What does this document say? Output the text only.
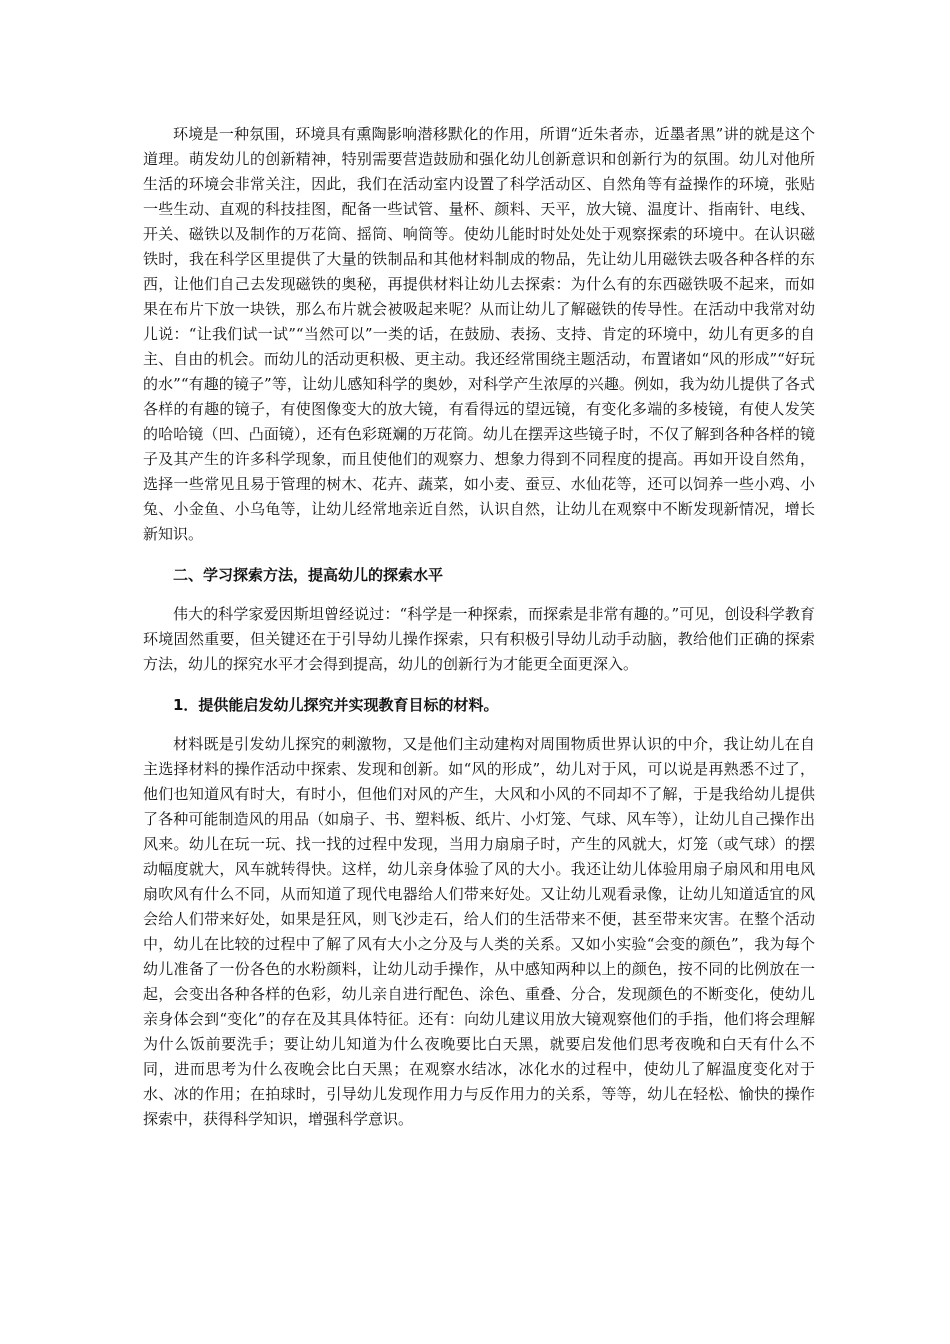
环境是一种氛围，环境具有熏陶影响潜移默化的作用，所谓“近朱者赤，近墨者黑”讲的就是这个道理。萌发幼儿的创新精神，特别需要营造鼓励和强化幼儿创新意识和创新行为的氛围。幼儿对他所生活的环境会非常关注，因此，我们在活动室内设置了科学活动区、自然角等有益操作的环境，张贴一些生动、直观的科技挂图，配备一些试管、量杯、颜料、天平，放大镜、温度计、指南针、电线、开关、磁铁以及制作的万花筒、摇筒、响筒等。使幼儿能时时处处处于观察探索的环境中。在认识磁铁时，我在科学区里提供了大量的铁制品和其他材料制成的物品，先让幼儿用磁铁去吸各种各样的东西，让他们自己去发现磁铁的奥秘，再提供材料让幼儿去探索：为什么有的东西磁铁吸不起来，而如果在布片下放一块铁，那么布片就会被吸起来呢？从而让幼儿了解磁铁的传导性。在活动中我常对幼儿说：“让我们试一试”“当然可以”一类的话，在鼓励、表扬、支持、肯定的环境中，幼儿有更多的自主、自由的机会。而幼儿的活动更积极、更主动。我还经常围绕主题活动，布置诸如“风的形成”“好玩的水”“有趣的镜子”等，让幼儿感知科学的奥妙，对科学产生浓厚的兴趣。例如，我为幼儿提供了各式各样的有趣的镜子，有使图像变大的放大镜，有看得远的望远镜，有变化多端的多棱镜，有使人发笑的哈哈镜（凹、凸面镜），还有色彩斑斓的万花筒。幼儿在摆弄这些镜子时，不仅了解到各种各样的镜子及其产生的许多科学现象，而且使他们的观察力、想象力得到不同程度的提高。再如开设自然角，选择一些常见且易于管理的树木、花卉、蔬菜，如小麦、蚕豆、水仙花等，还可以饲养一些小鸡、小兔、小金鱼、小乌龟等，让幼儿经常地亲近自然，认识自然，让幼儿在观察中不断发现新情况，增长新知识。

二、学习探索方法，提高幼儿的探索水平

伟大的科学家爱因斯坦曾经说过：“科学是一种探索，而探索是非常有趣的。”可见，创设科学教育环境固然重要，但关键还在于引导幼儿操作探索，只有积极引导幼儿动手动脑，教给他们正确的探索方法，幼儿的探究水平才会得到提高，幼儿的创新行为才能更全面更深入。

1．提供能启发幼儿探究并实现教育目标的材料。

材料既是引发幼儿探究的刺激物，又是他们主动建构对周围物质世界认识的中介，我让幼儿在自主选择材料的操作活动中探索、发现和创新。如“风的形成”，幼儿对于风，可以说是再熟悉不过了，他们也知道风有时大，有时小，但他们对风的产生，大风和小风的不同却不了解，于是我给幼儿提供了各种可能制造风的用品（如扇子、书、塑料板、纸片、小灯笼、气球、风车等），让幼儿自己操作出风来。幼儿在玩一玩、找一找的过程中发现，当用力扇扇子时，产生的风就大，灯笼（或气球）的摆动幅度就大，风车就转得快。这样，幼儿亲身体验了风的大小。我还让幼儿体验用扇子扇风和用电风扇吹风有什么不同，从而知道了现代电器给人们带来好处。又让幼儿观看录像，让幼儿知道适宜的风会给人们带来好处，如果是狂风，则飞沙走石，给人们的生活带来不便，甚至带来灾害。在整个活动中，幼儿在比较的过程中了解了风有大小之分及与人类的关系。又如小实验“会变的颜色”，我为每个幼儿准备了一份各色的水粉颜料，让幼儿动手操作，从中感知两种以上的颜色，按不同的比例放在一起，会变出各种各样的色彩，幼儿亲自进行配色、涂色、重叠、分合，发现颜色的不断变化，使幼儿亲身体会到“变化”的存在及其具体特征。还有：向幼儿建议用放大镜观察他们的手指，他们将会理解为什么饭前要洗手；要让幼儿知道为什么夜晚要比白天黑，就要启发他们思考夜晚和白天有什么不同，进而思考为什么夜晚会比白天黑；在观察水结冰，冰化水的过程中，使幼儿了解温度变化对于水、冰的作用；在拍球时，引导幼儿发现作用力与反作用力的关系，等等，幼儿在轻松、愉快的操作探索中，获得科学知识，增强科学意识。
